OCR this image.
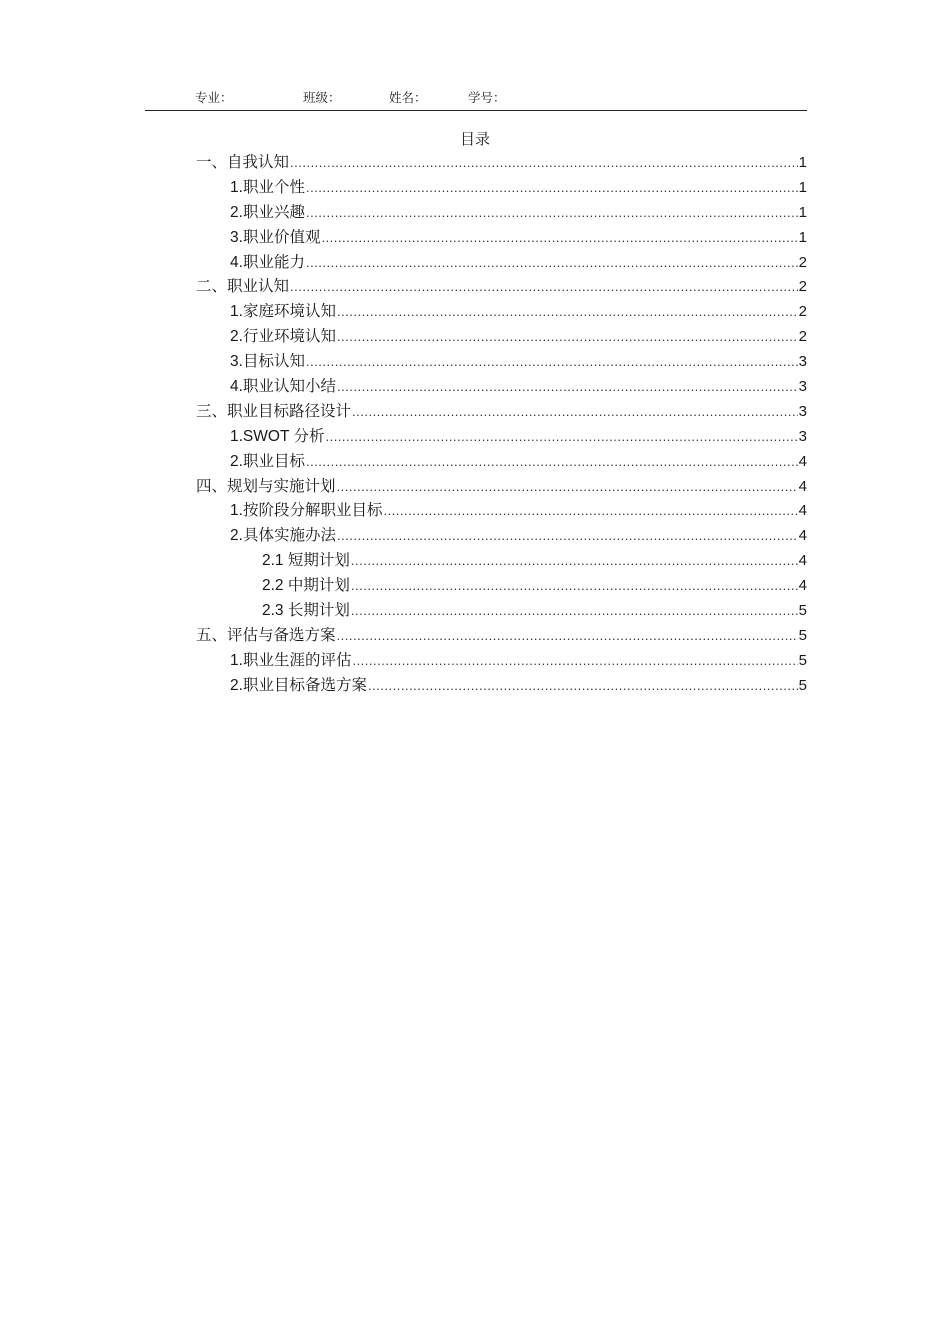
专业：	班级：	姓名：	学号：
目录
一、自我认知 .....	1
1.职业个性 .....	1
2.职业兴趣 .....	1
3.职业价值观 .....	1
4.职业能力 .....	2
二、职业认知 .....	2
1.家庭环境认知 .....	2
2.行业环境认知 .....	2
3.目标认知 .....	3
4.职业认知小结 .....	3
三、职业目标路径设计 .....	3
1.SWOT 分析 .....	3
2.职业目标 .....	4
四、规划与实施计划 .....	4
1.按阶段分解职业目标 .....	4
2.具体实施办法 .....	4
2.1 短期计划 .....	4
2.2 中期计划 .....	4
2.3 长期计划 .....	5
五、评估与备选方案 .....	5
1.职业生涯的评估 .....	5
2.职业目标备选方案 .....	5
